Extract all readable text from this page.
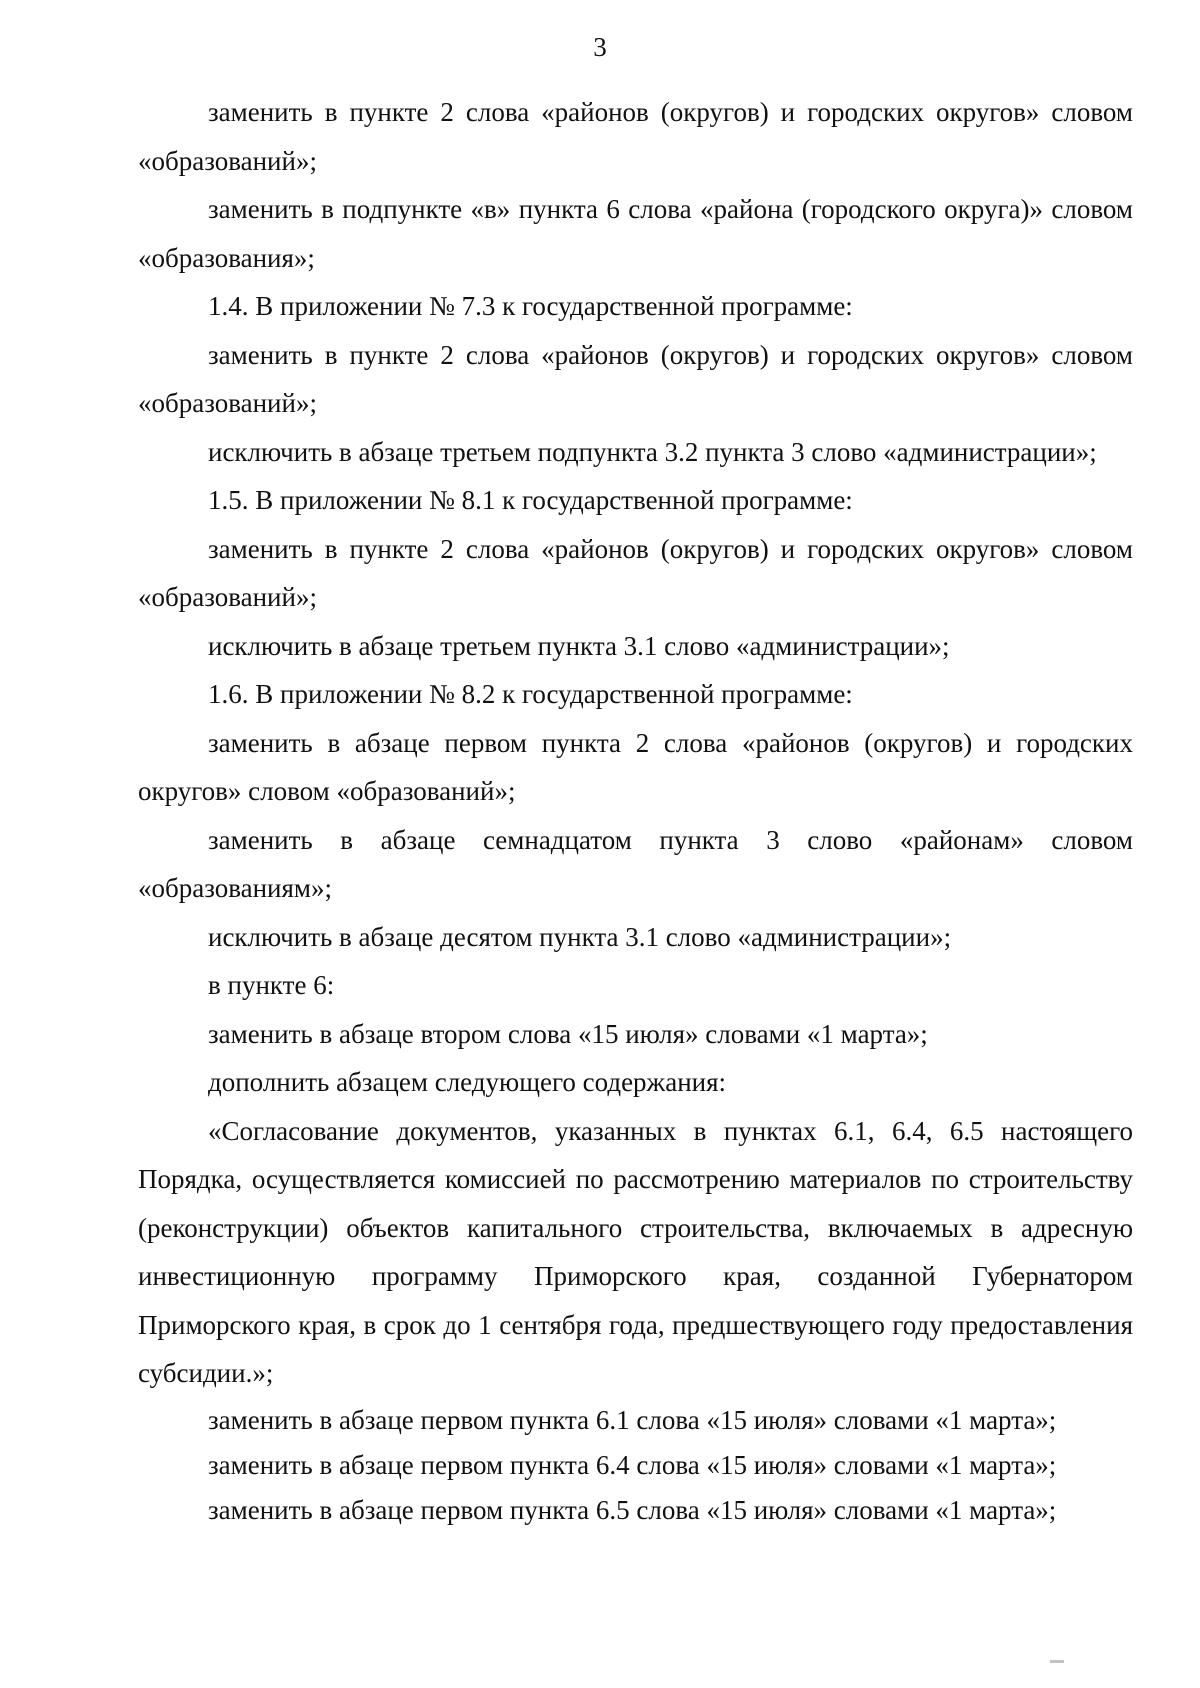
3

заменить в пункте 2 слова «районов (округов) и городских округов» словом «образований»;

заменить в подпункте «в» пункта 6 слова «района (городского округа)» словом «образования»;

1.4. В приложении № 7.3 к государственной программе:

заменить в пункте 2 слова «районов (округов) и городских округов» словом «образований»;

исключить в абзаце третьем подпункта 3.2 пункта 3 слово «администрации»;

1.5. В приложении № 8.1 к государственной программе:

заменить в пункте 2 слова «районов (округов) и городских округов» словом «образований»;

исключить в абзаце третьем пункта 3.1 слово «администрации»;

1.6. В приложении № 8.2 к государственной программе:

заменить в абзаце первом пункта 2 слова «районов (округов) и городских округов» словом «образований»;

заменить в абзаце семнадцатом пункта 3 слово «районам» словом «образованиям»;

исключить в абзаце десятом пункта 3.1 слово «администрации»;

в пункте 6:

заменить в абзаце втором слова «15 июля» словами «1 марта»;

дополнить абзацем следующего содержания:

«Согласование документов, указанных в пунктах 6.1, 6.4, 6.5 настоящего Порядка, осуществляется комиссией по рассмотрению материалов по строительству (реконструкции) объектов капитального строительства, включаемых в адресную инвестиционную программу Приморского края, созданной Губернатором Приморского края, в срок до 1 сентября года, предшествующего году предоставления субсидии.»;

заменить в абзаце первом пункта 6.1 слова «15 июля» словами «1 марта»;

заменить в абзаце первом пункта 6.4 слова «15 июля» словами «1 марта»;

заменить в абзаце первом пункта 6.5 слова «15 июля» словами «1 марта»;
